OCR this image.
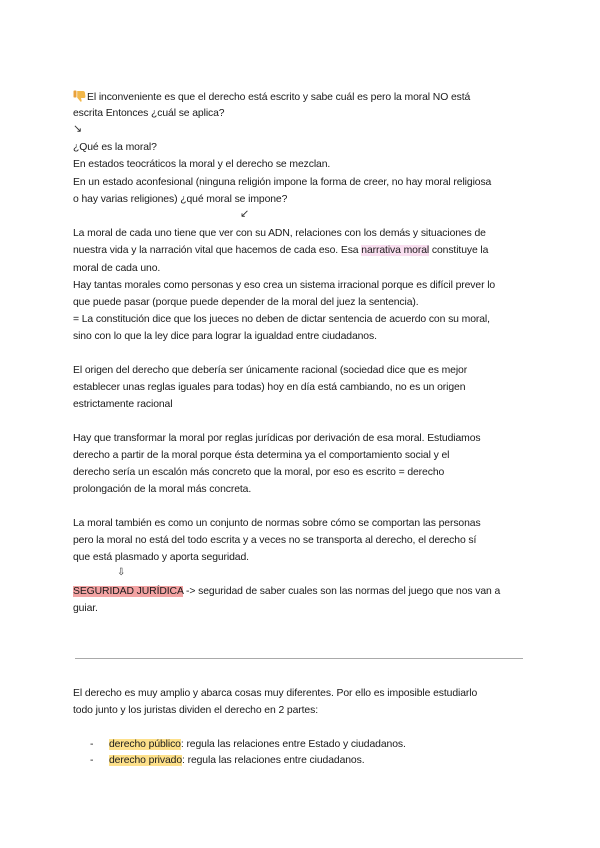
El inconveniente es que el derecho está escrito y sabe cuál es pero la moral NO está
escrita Entonces ¿cuál se aplica?
↘
¿Qué es la moral?
En estados teocráticos la moral y el derecho se mezclan.
En un estado aconfesional (ninguna religión impone la forma de creer, no hay moral religiosa
o hay varias religiones) ¿qué moral se impone?
↙
La moral de cada uno tiene que ver con su ADN, relaciones con los demás y situaciones de
nuestra vida y la narración vital que hacemos de cada eso. Esa narrativa moral constituye la
moral de cada uno.
Hay tantas morales como personas y eso crea un sistema irracional porque es difícil prever lo
que puede pasar (porque puede depender de la moral del juez la sentencia).
= La constitución dice que los jueces no deben de dictar sentencia de acuerdo con su moral,
sino con lo que la ley dice para lograr la igualdad entre ciudadanos.
El origen del derecho que debería ser únicamente racional (sociedad dice que es mejor
establecer unas reglas iguales para todas) hoy en día está cambiando, no es un origen
estrictamente racional
Hay que transformar la moral por reglas jurídicas por derivación de esa moral. Estudiamos
derecho a partir de la moral porque ésta determina ya el comportamiento social y el
derecho sería un escalón más concreto que la moral, por eso es escrito = derecho
prolongación de la moral más concreta.
La moral también es como un conjunto de normas sobre cómo se comportan las personas
pero la moral no está del todo escrita y a veces no se transporta al derecho, el derecho sí
que está plasmado y aporta seguridad.
⇩
SEGURIDAD JURÍDICA -> seguridad de saber cuales son las normas del juego que nos van a
guiar.
El derecho es muy amplio y abarca cosas muy diferentes. Por ello es imposible estudiarlo
todo junto y los juristas dividen el derecho en 2 partes:
- derecho público: regula las relaciones entre Estado y ciudadanos.
- derecho privado: regula las relaciones entre ciudadanos.
